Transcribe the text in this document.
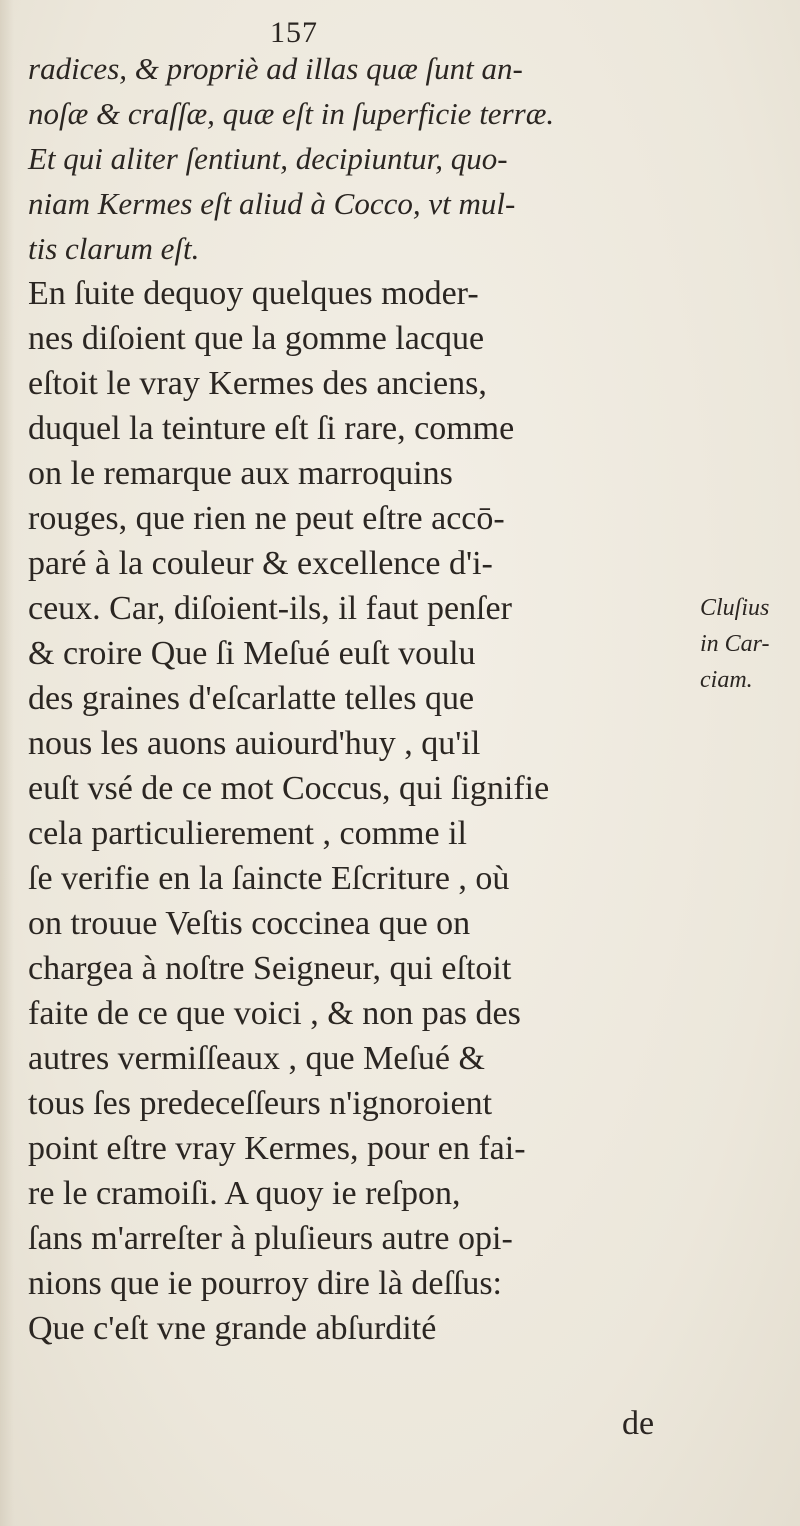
157
radices, & propriè ad illas quæ ſunt an-
noſæ & craſſæ, quæ eſt in ſuperficie terræ.
Et qui aliter ſentiunt, decipiuntur, quo-
niam Kermes eſt aliud à Cocco, vt mul-
tis clarum eſt.
En ſuite dequoy quelques moder-
nes diſoient que la gomme lacque
eſtoit le vray Kermes des anciens,
duquel la teinture eſt ſi rare, comme
on le remarque aux marroquins
rouges, que rien ne peut eſtre accō-
paré à la couleur & excellence d'i-
ceux. Car, diſoient-ils, il faut penſer
& croire Que ſi Meſué euſt voulu
des graines d'eſcarlatte telles que
nous les auons auiourd'huy , qu'il
euſt vsé de ce mot Coccus, qui ſignifie
cela particulierement , comme il
ſe verifie en la ſaincte Eſcriture , où
on trouue Veſtis coccinea que on
chargea à noſtre Seigneur, qui eſtoit
faite de ce que voici , & non pas des
autres vermiſſeaux , que Meſué &
tous ſes predeceſſeurs n'ignoroient
point eſtre vray Kermes, pour en fai-
re le cramoiſi. A quoy ie reſpon,
ſans m'arreſter à pluſieurs autre opi-
nions que ie pourroy dire là deſſus:
Que c'eſt vne grande abſurdité
de
Cluſius
in Car-
ciam.
